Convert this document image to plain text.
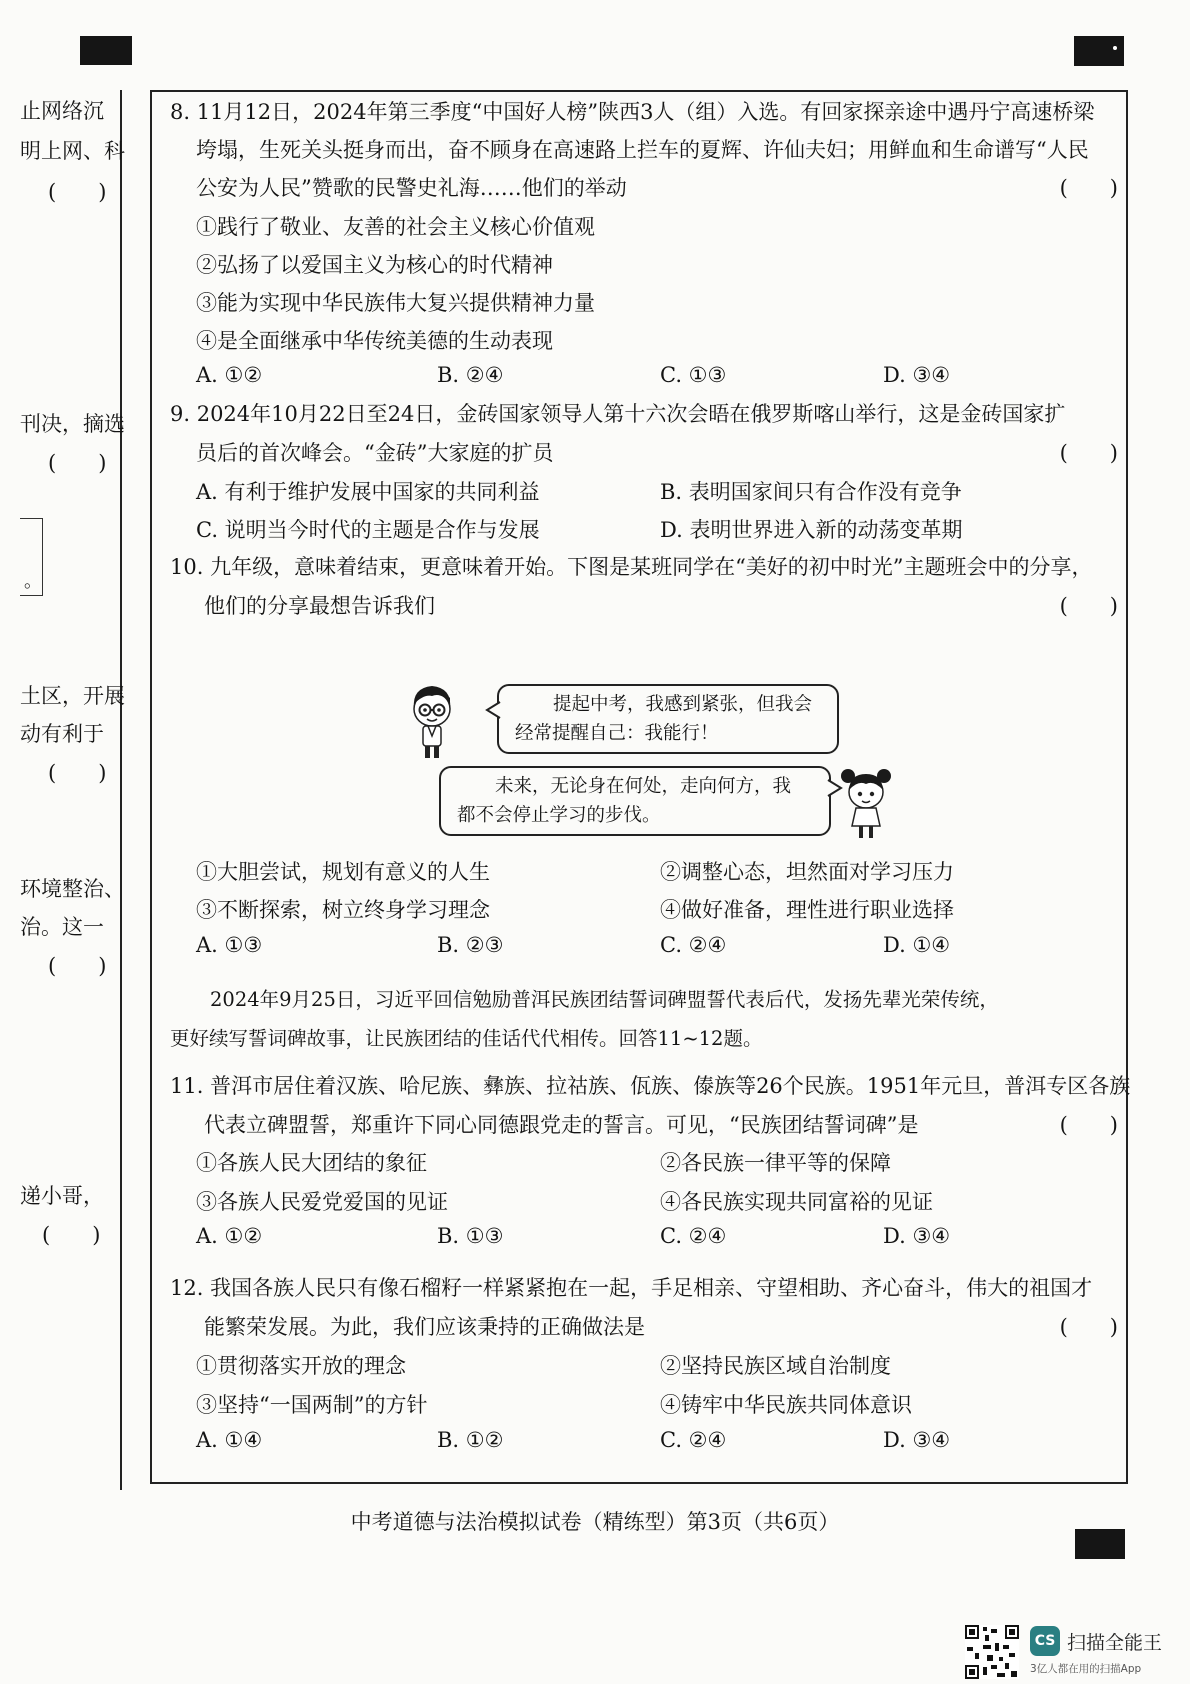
止网络沉
明上网、科
(　　)
刊决，摘选
(　　)
。
土区，开展
动有利于
(　　)
环境整治、
治。这一
(　　)
递小哥，
(　　)
8. 11月12日，2024年第三季度“中国好人榜”陕西3人（组）入选。有回家探亲途中遇丹宁高速桥梁
垮塌，生死关头挺身而出，奋不顾身在高速路上拦车的夏辉、许仙夫妇；用鲜血和生命谱写“人民
公安为人民”赞歌的民警史礼海……他们的举动	(　　)
①践行了敬业、友善的社会主义核心价值观
②弘扬了以爱国主义为核心的时代精神
③能为实现中华民族伟大复兴提供精神力量
④是全面继承中华传统美德的生动表现
A. ①②	B. ②④	C. ①③	D. ③④
9. 2024年10月22日至24日，金砖国家领导人第十六次会晤在俄罗斯喀山举行，这是金砖国家扩
员后的首次峰会。“金砖”大家庭的扩员	(　　)
A. 有利于维护发展中国家的共同利益	B. 表明国家间只有合作没有竞争
C. 说明当今时代的主题是合作与发展	D. 表明世界进入新的动荡变革期
10. 九年级，意味着结束，更意味着开始。下图是某班同学在“美好的初中时光”主题班会中的分享，
他们的分享最想告诉我们	(　　)
提起中考，我感到紧张，但我会
经常提醒自己：我能行！
未来，无论身在何处，走向何方，我
都不会停止学习的步伐。
①大胆尝试，规划有意义的人生	②调整心态，坦然面对学习压力
③不断探索，树立终身学习理念	④做好准备，理性进行职业选择
A. ①③	B. ②③	C. ②④	D. ①④
2024年9月25日，习近平回信勉励普洱民族团结誓词碑盟誓代表后代，发扬先辈光荣传统，
更好续写誓词碑故事，让民族团结的佳话代代相传。回答11~12题。
11. 普洱市居住着汉族、哈尼族、彝族、拉祜族、佤族、傣族等26个民族。1951年元旦，普洱专区各族
代表立碑盟誓，郑重许下同心同德跟党走的誓言。可见，“民族团结誓词碑”是	(　　)
①各族人民大团结的象征	②各民族一律平等的保障
③各族人民爱党爱国的见证	④各民族实现共同富裕的见证
A. ①②	B. ①③	C. ②④	D. ③④
12. 我国各族人民只有像石榴籽一样紧紧抱在一起，手足相亲、守望相助、齐心奋斗，伟大的祖国才
能繁荣发展。为此，我们应该秉持的正确做法是	(　　)
①贯彻落实开放的理念	②坚持民族区域自治制度
③坚持“一国两制”的方针	④铸牢中华民族共同体意识
A. ①④	B. ①②	C. ②④	D. ③④
中考道德与法治模拟试卷（精练型）第3页（共6页）
CS 扫描全能王
3亿人都在用的扫描App
